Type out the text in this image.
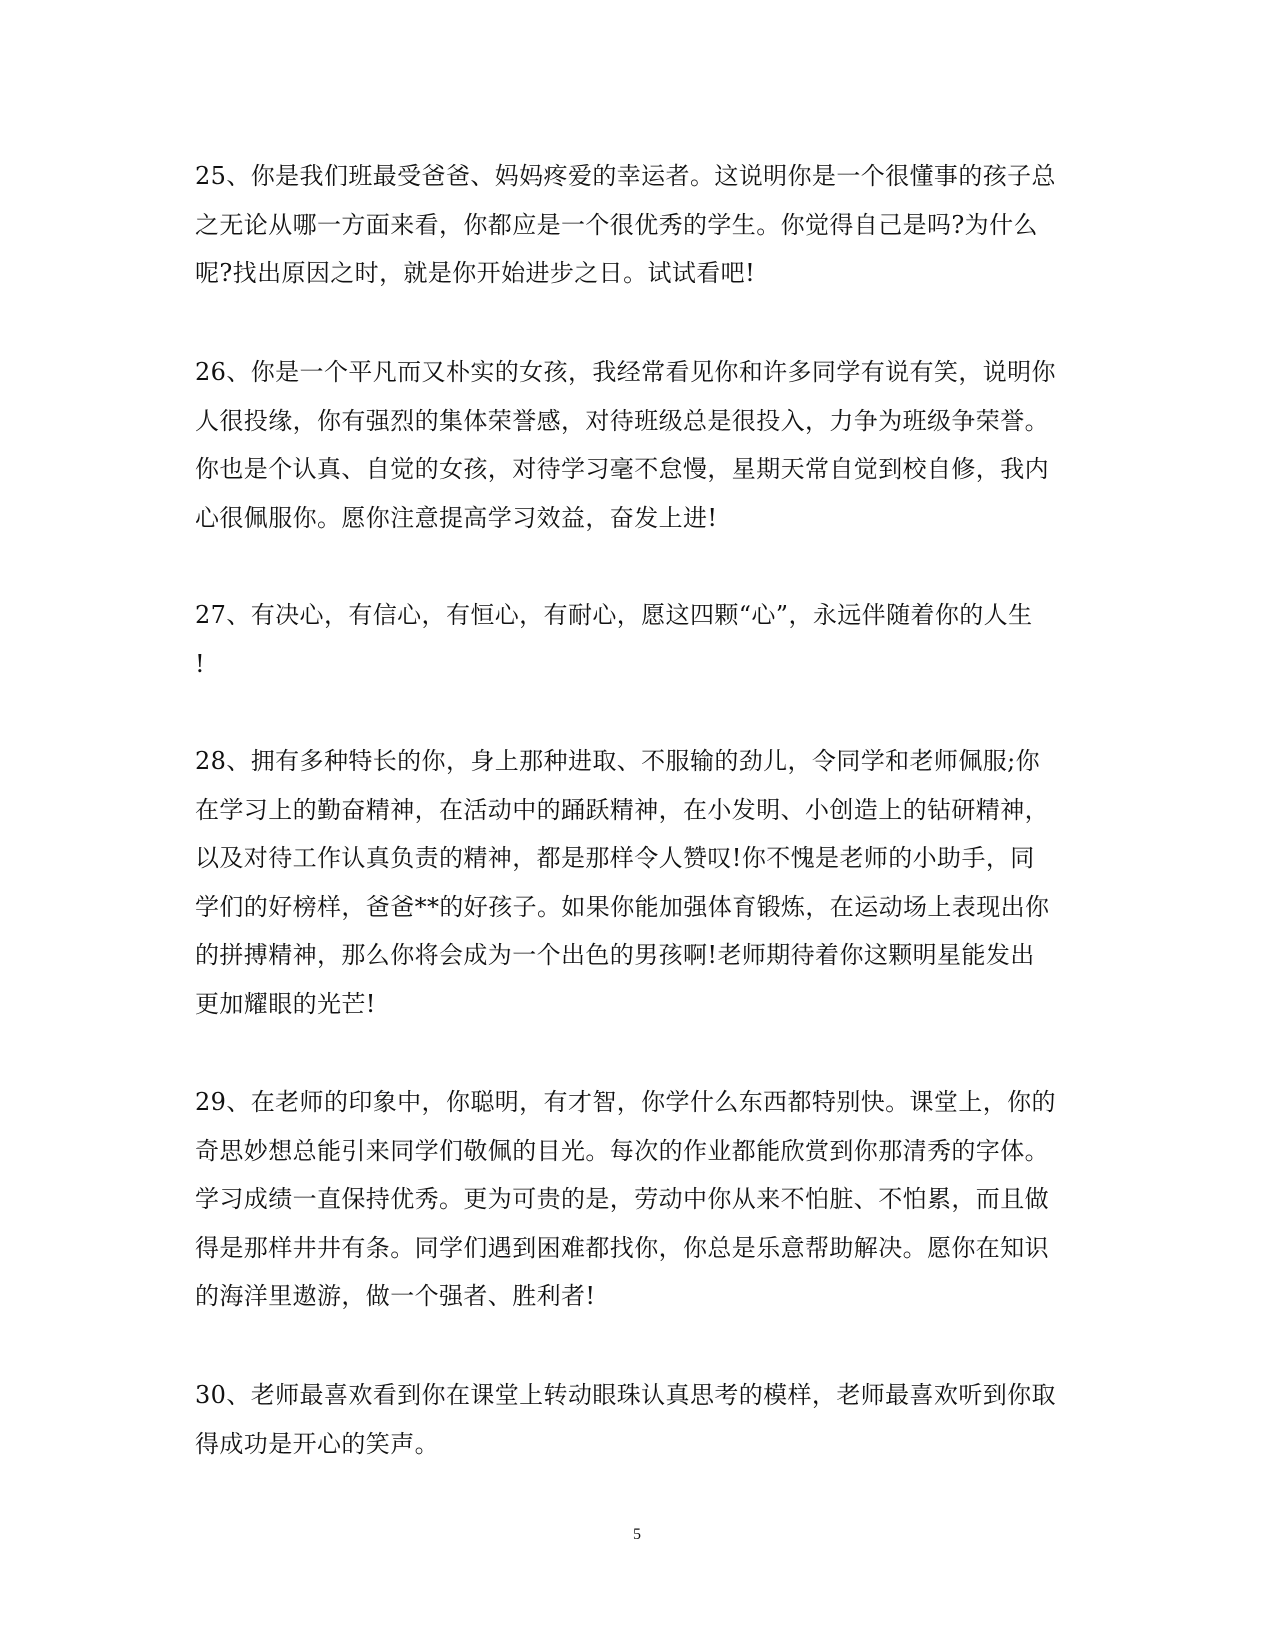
25、你是我们班最受爸爸、妈妈疼爱的幸运者。这说明你是一个很懂事的孩子总
之无论从哪一方面来看，你都应是一个很优秀的学生。你觉得自己是吗?为什么
呢?找出原因之时，就是你开始进步之日。试试看吧!

26、你是一个平凡而又朴实的女孩，我经常看见你和许多同学有说有笑，说明你
人很投缘，你有强烈的集体荣誉感，对待班级总是很投入，力争为班级争荣誉。
你也是个认真、自觉的女孩，对待学习毫不怠慢，星期天常自觉到校自修，我内
心很佩服你。愿你注意提高学习效益，奋发上进!

27、有决心，有信心，有恒心，有耐心，愿这四颗“心”，永远伴随着你的人生
!

28、拥有多种特长的你，身上那种进取、不服输的劲儿，令同学和老师佩服;你
在学习上的勤奋精神，在活动中的踊跃精神，在小发明、小创造上的钻研精神，
以及对待工作认真负责的精神，都是那样令人赞叹!你不愧是老师的小助手，同
学们的好榜样，爸爸**的好孩子。如果你能加强体育锻炼，在运动场上表现出你
的拼搏精神，那么你将会成为一个出色的男孩啊!老师期待着你这颗明星能发出
更加耀眼的光芒!

29、在老师的印象中，你聪明，有才智，你学什么东西都特别快。课堂上，你的
奇思妙想总能引来同学们敬佩的目光。每次的作业都能欣赏到你那清秀的字体。
学习成绩一直保持优秀。更为可贵的是，劳动中你从来不怕脏、不怕累，而且做
得是那样井井有条。同学们遇到困难都找你，你总是乐意帮助解决。愿你在知识
的海洋里遨游，做一个强者、胜利者!

30、老师最喜欢看到你在课堂上转动眼珠认真思考的模样，老师最喜欢听到你取
得成功是开心的笑声。

5
